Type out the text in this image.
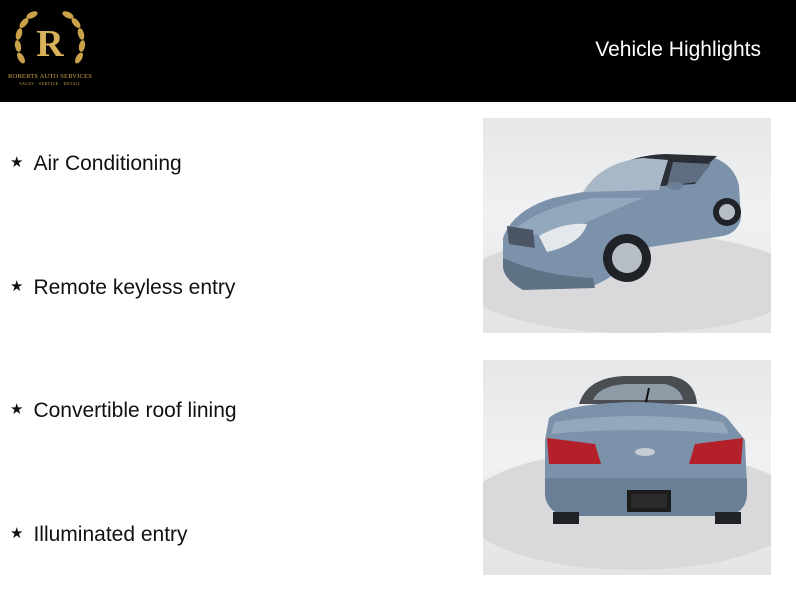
R
ROBERTS AUTO SERVICES
SALES · SERVICE · DETAIL
Vehicle Highlights
★ Air Conditioning
★ Remote keyless entry
★ Convertible roof lining
★ Illuminated entry
